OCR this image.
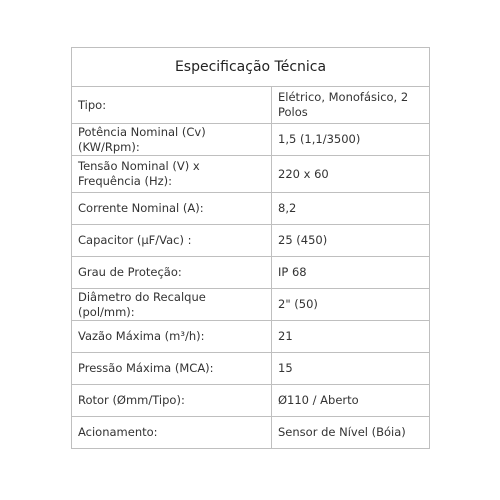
Especificação Técnica	
Tipo:	Elétrico, Monofásico, 2 Polos
Potência Nominal (Cv)(KW/Rpm):	1,5 (1,1/3500)
Tensão Nominal (V) x Frequência (Hz):	220 x 60
Corrente Nominal (A):	8,2
Capacitor (µF/Vac) :	25 (450)
Grau de Proteção:	IP 68
Diâmetro do Recalque (pol/mm):	2" (50)
Vazão Máxima (m³/h):	21
Pressão Máxima (MCA):	15
Rotor (Ømm/Tipo):	Ø110 / Aberto
Acionamento:	Sensor de Nível (Bóia)
